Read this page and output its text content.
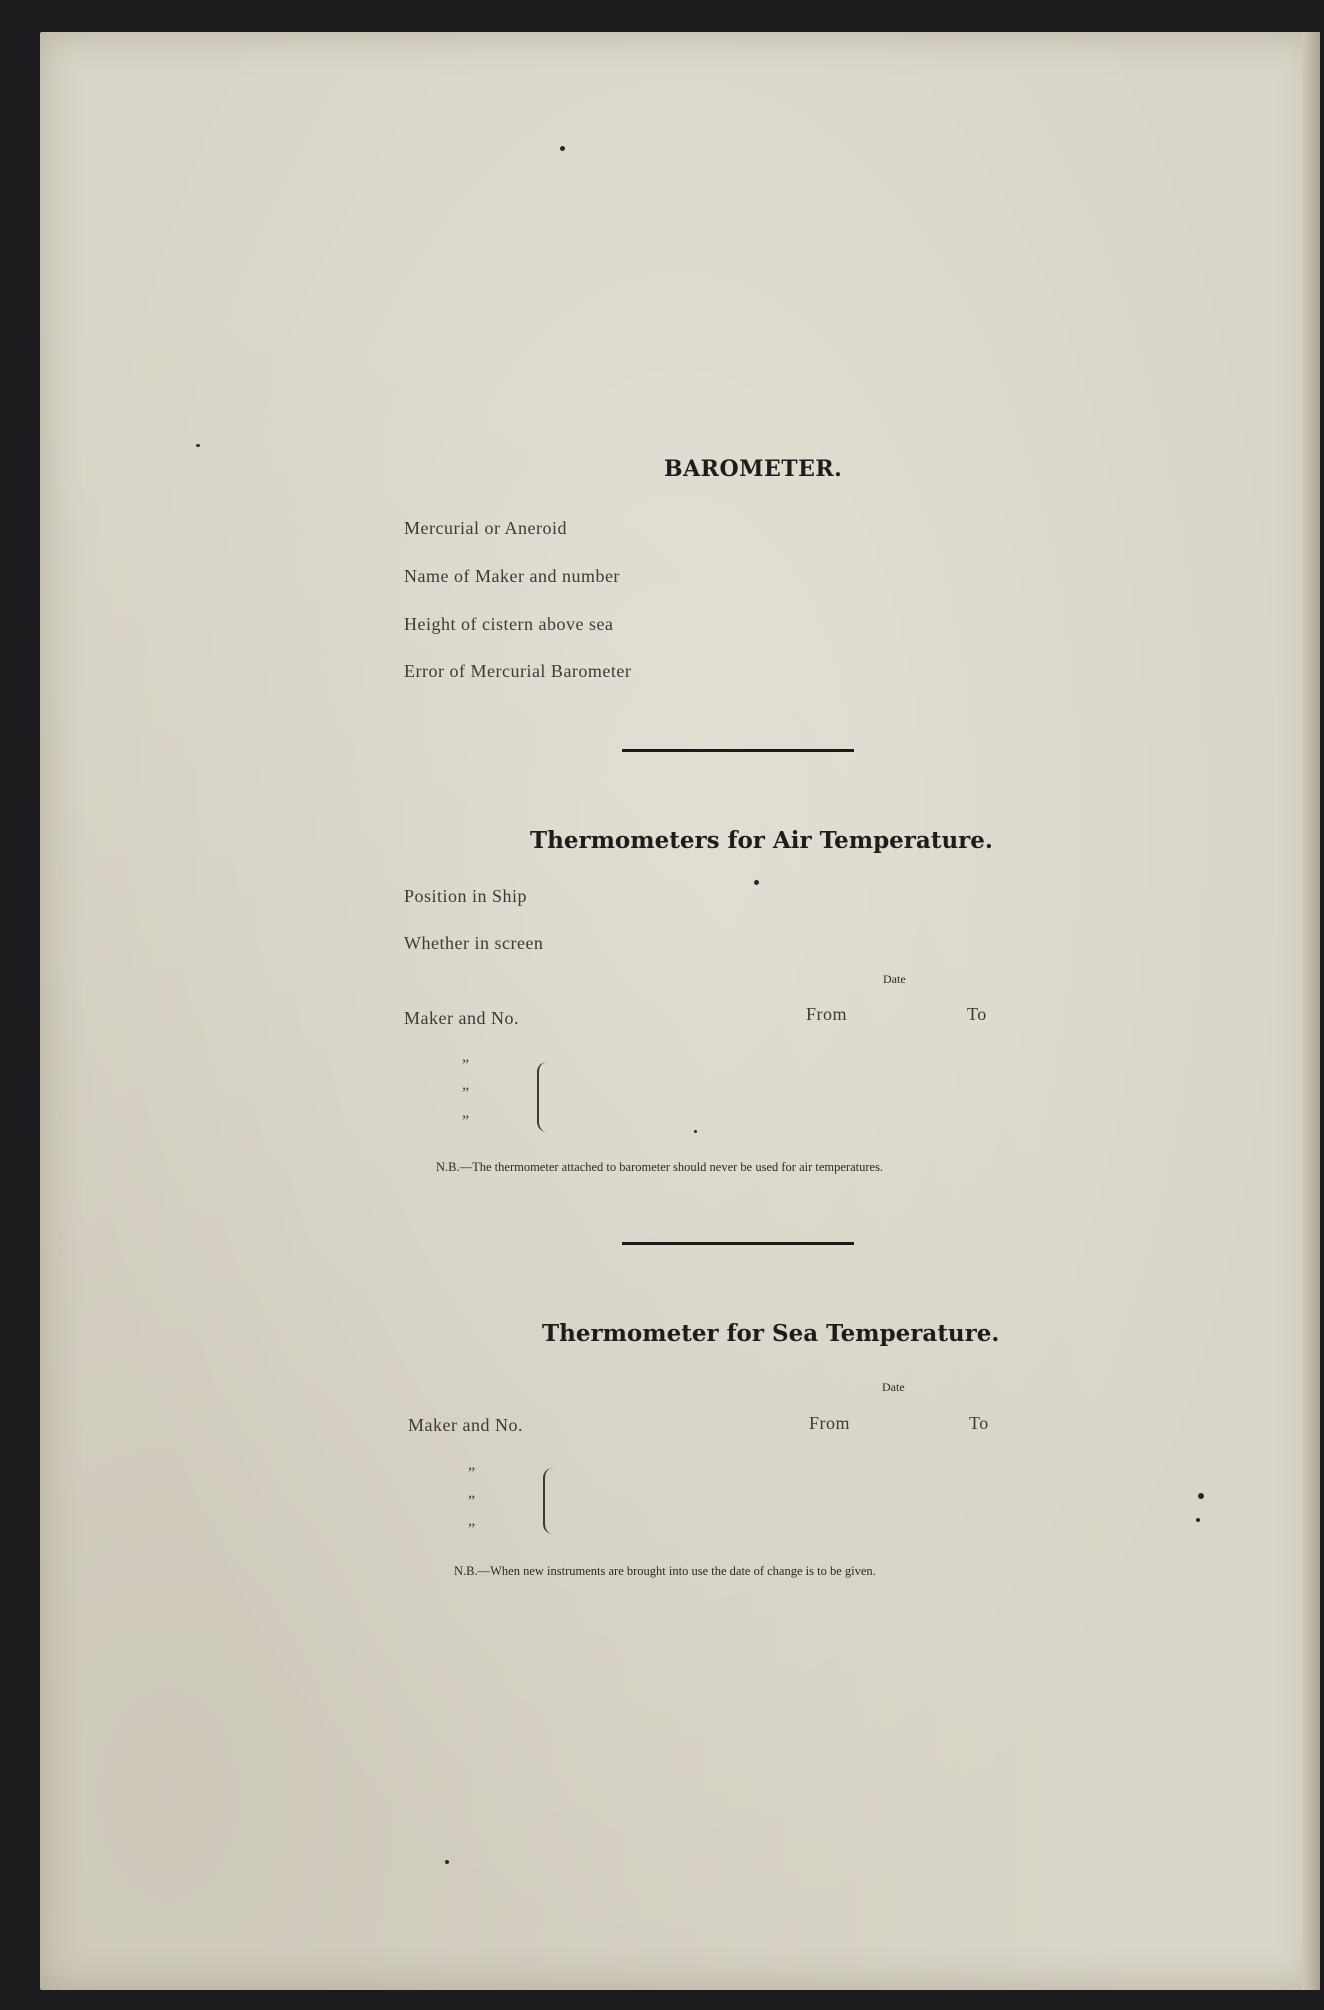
BAROMETER.
Mercurial or Aneroid
Name of Maker and number
Height of cistern above sea
Error of Mercurial Barometer
Thermometers for Air Temperature.
Position in Ship
Whether in screen
Date
Maker and No.	From	To
”
”
”
N.B.—The thermometer attached to barometer should never be used for air temperatures.
Thermometer for Sea Temperature.
Date
Maker and No.	From	To
”
”
”
N.B.—When new instruments are brought into use the date of change is to be given.
